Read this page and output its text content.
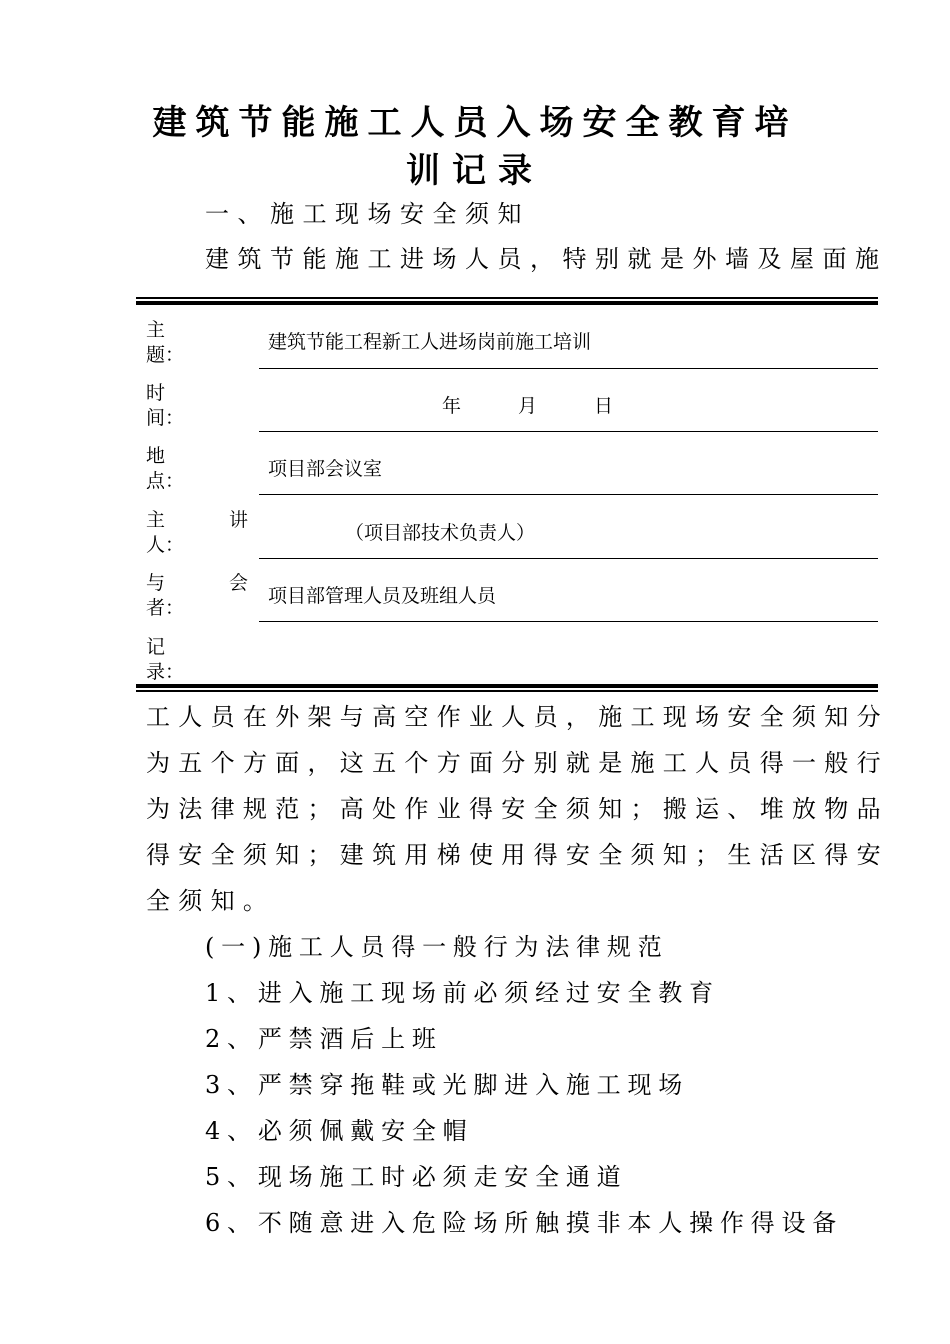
建筑节能施工人员入场安全教育培
训记录

一、施工现场安全须知

建筑节能施工进场人员，特别就是外墙及屋面施

主
题：
建筑节能工程新工人进场岗前施工培训
时
间：
年　　　月　　　日
地
点：
项目部会议室
主	讲
人：
（项目部技术负责人）
与	会
者：
项目部管理人员及班组人员
记
录：
工人员在外架与高空作业人员，施工现场安全须知分
为五个方面，这五个方面分别就是施工人员得一般行
为法律规范；高处作业得安全须知；搬运、堆放物品
得安全须知；建筑用梯使用得安全须知；生活区得安
全须知。
(一)施工人员得一般行为法律规范
1、进入施工现场前必须经过安全教育
2、严禁酒后上班
3、严禁穿拖鞋或光脚进入施工现场
4、必须佩戴安全帽
5、现场施工时必须走安全通道
6、不随意进入危险场所触摸非本人操作得设备
